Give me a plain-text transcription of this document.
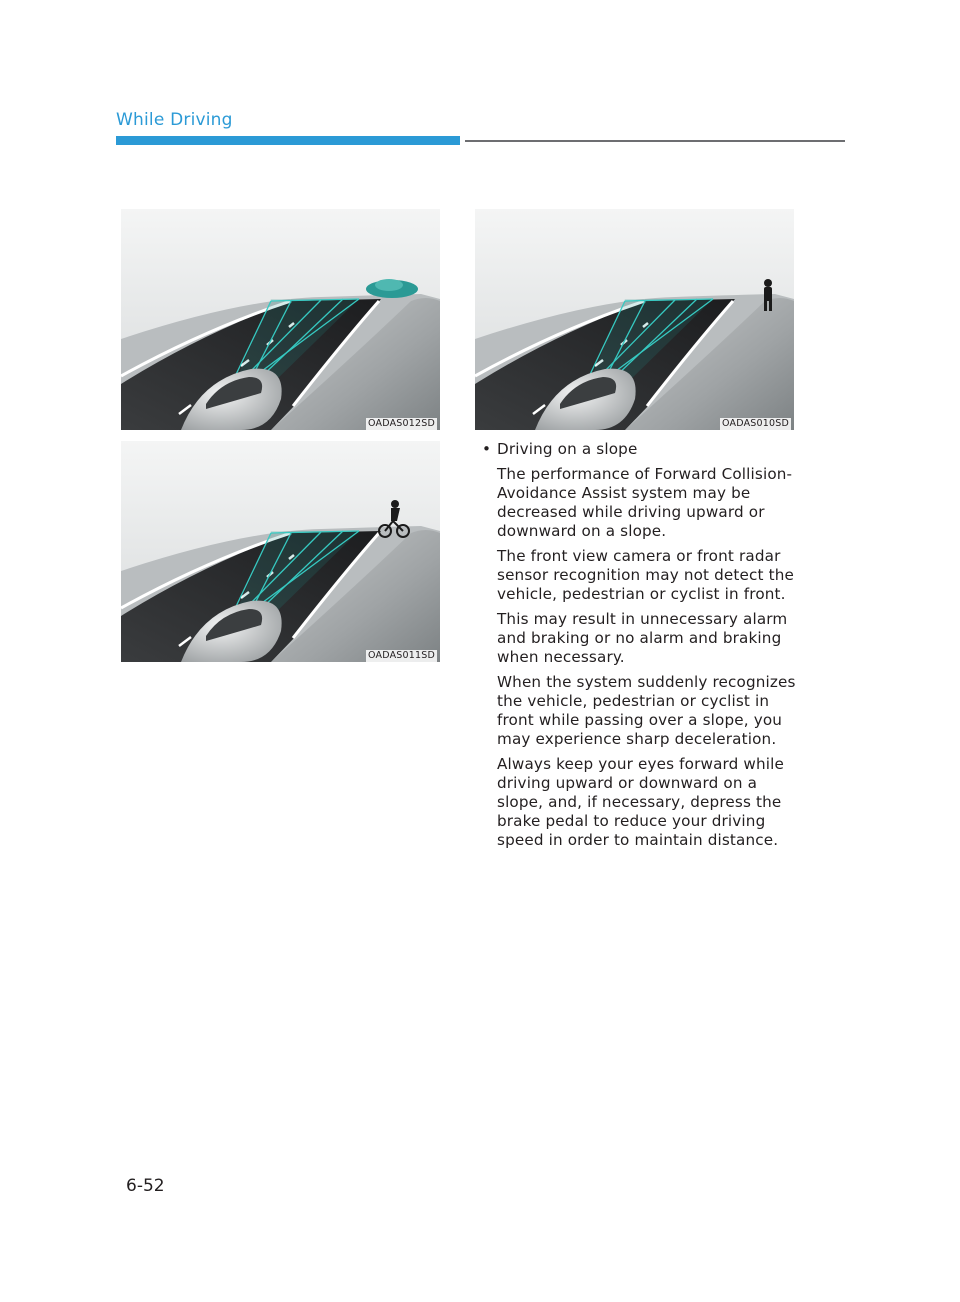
While Driving
OADAS012SD	OADAS010SD
OADAS011SD
• Driving on a slope

The performance of Forward Collision-Avoidance Assist system may be decreased while driving upward or downward on a slope.

The front view camera or front radar sensor recognition may not detect the vehicle, pedestrian or cyclist in front.

This may result in unnecessary alarm and braking or no alarm and braking when necessary.

When the system suddenly recognizes the vehicle, pedestrian or cyclist in front while passing over a slope, you may experience sharp deceleration.

Always keep your eyes forward while driving upward or downward on a slope, and, if necessary, depress the brake pedal to reduce your driving speed in order to maintain distance.

6-52
